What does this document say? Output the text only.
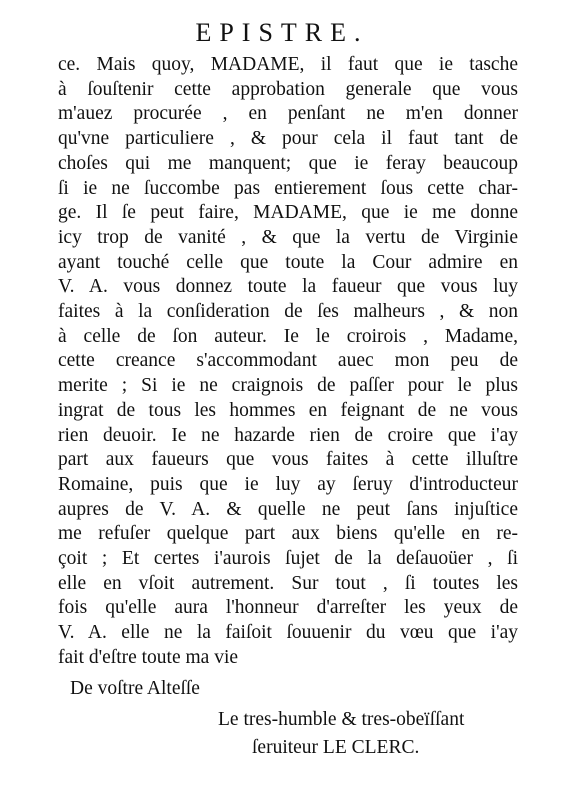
EPISTRE.
ce. Mais quoy, MADAME, il faut que ie tasche
à ſouſtenir cette approbation generale que vous
m'auez procurée , en penſant ne m'en donner
qu'vne particuliere , & pour cela il faut tant de
choſes qui me manquent; que ie feray beaucoup
ſi ie ne ſuccombe pas entierement ſous cette char-
ge. Il ſe peut faire, MADAME, que ie me donne
icy trop de vanité , & que la vertu de Virginie
ayant touché celle que toute la Cour admire en
V. A. vous donnez toute la faueur que vous luy
faites à la conſideration de ſes malheurs , & non
à celle de ſon auteur. Ie le croirois , Madame,
cette creance s'accommodant auec mon peu de
merite ; Si ie ne craignois de paſſer pour le plus
ingrat de tous les hommes en feignant de ne vous
rien deuoir. Ie ne hazarde rien de croire que i'ay
part aux faueurs que vous faites à cette illuſtre
Romaine, puis que ie luy ay ſeruy d'introducteur
aupres de V. A. & quelle ne peut ſans injuſtice
me refuſer quelque part aux biens qu'elle en re-
çoit ; Et certes i'aurois ſujet de la deſauoüer , ſi
elle en vſoit autrement. Sur tout , ſi toutes les
fois qu'elle aura l'honneur d'arreſter les yeux de
V. A. elle ne la faiſoit ſouuenir du vœu que i'ay
fait d'eſtre toute ma vie
De voſtre Alteſſe
Le tres-humble & tres-obeïſſant
ſeruiteur LE CLERC.
